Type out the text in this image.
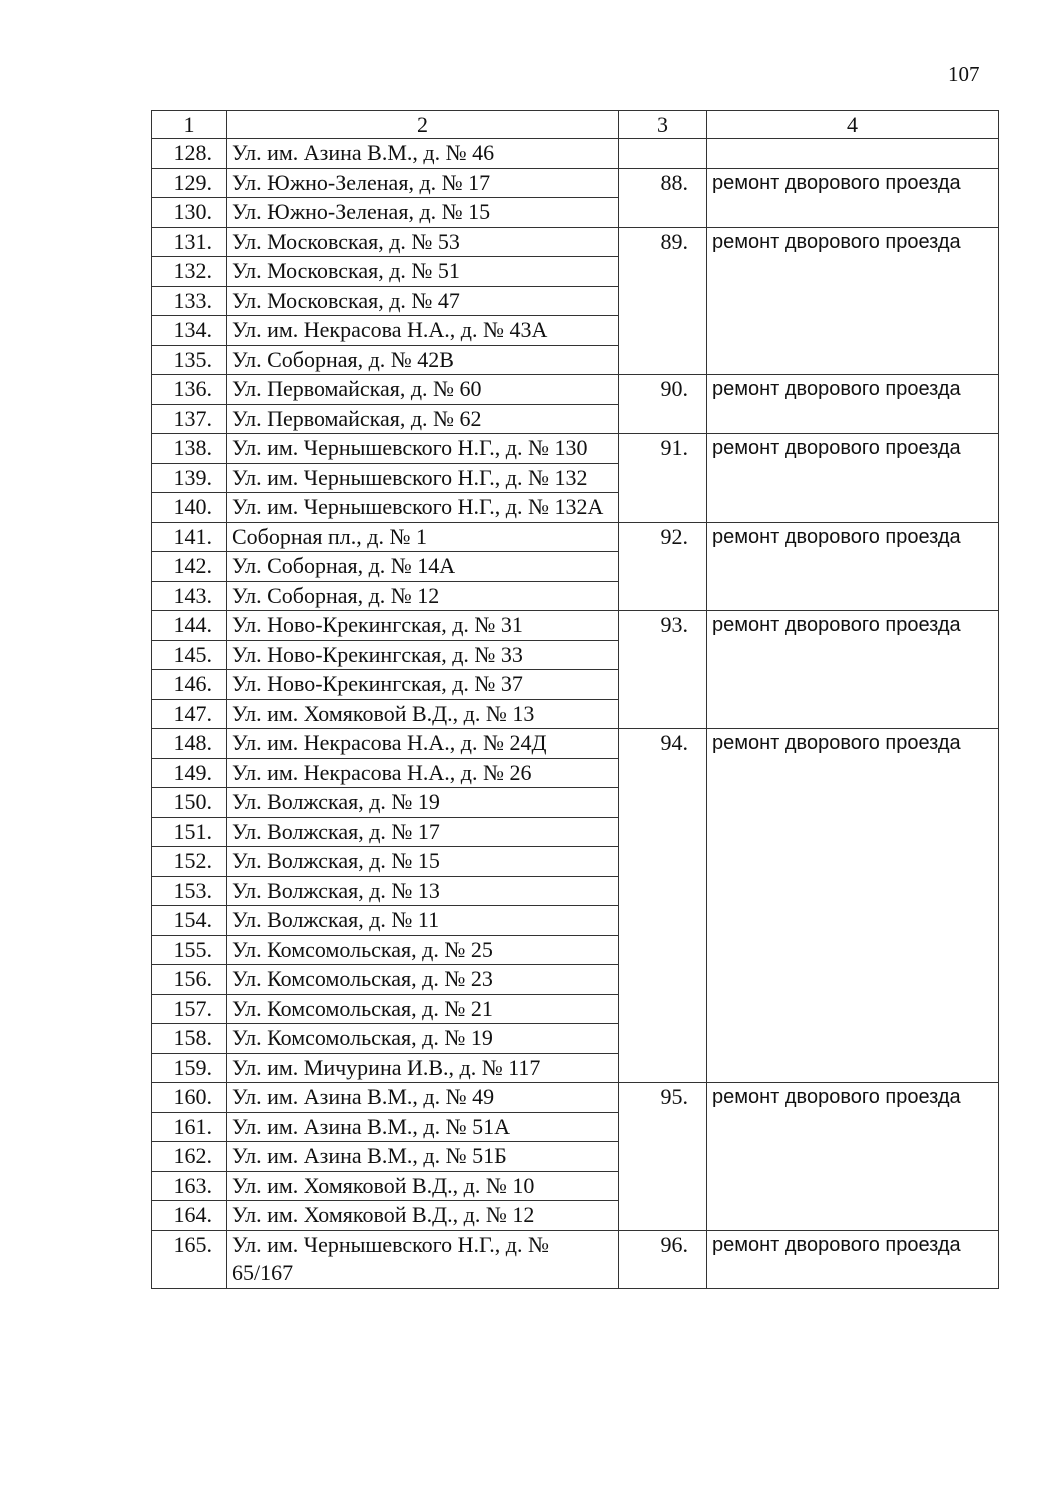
107
1	2	3	4
128.	Ул. им. Азина В.М., д. № 46		
129.	Ул. Южно-Зеленая, д. № 17	88.	ремонт дворового проезда
130.	Ул. Южно-Зеленая, д. № 15		
131.	Ул. Московская, д. № 53	89.	ремонт дворового проезда
132.	Ул. Московская, д. № 51		
133.	Ул. Московская, д. № 47		
134.	Ул. им. Некрасова Н.А., д. № 43А		
135.	Ул. Соборная, д. № 42В		
136.	Ул. Первомайская, д. № 60	90.	ремонт дворового проезда
137.	Ул. Первомайская, д. № 62		
138.	Ул. им. Чернышевского Н.Г., д. № 130	91.	ремонт дворового проезда
139.	Ул. им. Чернышевского Н.Г., д. № 132		
140.	Ул. им. Чернышевского Н.Г., д. № 132А		
141.	Соборная пл., д. № 1	92.	ремонт дворового проезда
142.	Ул. Соборная, д. № 14А		
143.	Ул. Соборная, д. № 12		
144.	Ул. Ново-Крекингская, д. № 31	93.	ремонт дворового проезда
145.	Ул. Ново-Крекингская, д. № 33		
146.	Ул. Ново-Крекингская, д. № 37		
147.	Ул. им. Хомяковой В.Д., д. № 13		
148.	Ул. им. Некрасова Н.А., д. № 24Д	94.	ремонт дворового проезда
149.	Ул. им. Некрасова Н.А., д. № 26		
150.	Ул. Волжская, д. № 19		
151.	Ул. Волжская, д. № 17		
152.	Ул. Волжская, д. № 15		
153.	Ул. Волжская, д. № 13		
154.	Ул. Волжская, д. № 11		
155.	Ул. Комсомольская, д. № 25		
156.	Ул. Комсомольская, д. № 23		
157.	Ул. Комсомольская, д. № 21		
158.	Ул. Комсомольская, д. № 19		
159.	Ул. им. Мичурина И.В., д. № 117		
160.	Ул. им. Азина В.М., д. № 49	95.	ремонт дворового проезда
161.	Ул. им. Азина В.М., д. № 51А		
162.	Ул. им. Азина В.М., д. № 51Б		
163.	Ул. им. Хомяковой В.Д., д. № 10		
164.	Ул. им. Хомяковой В.Д., д. № 12		
165.	Ул. им. Чернышевского Н.Г., д. № 65/167	96.	ремонт дворового проезда
